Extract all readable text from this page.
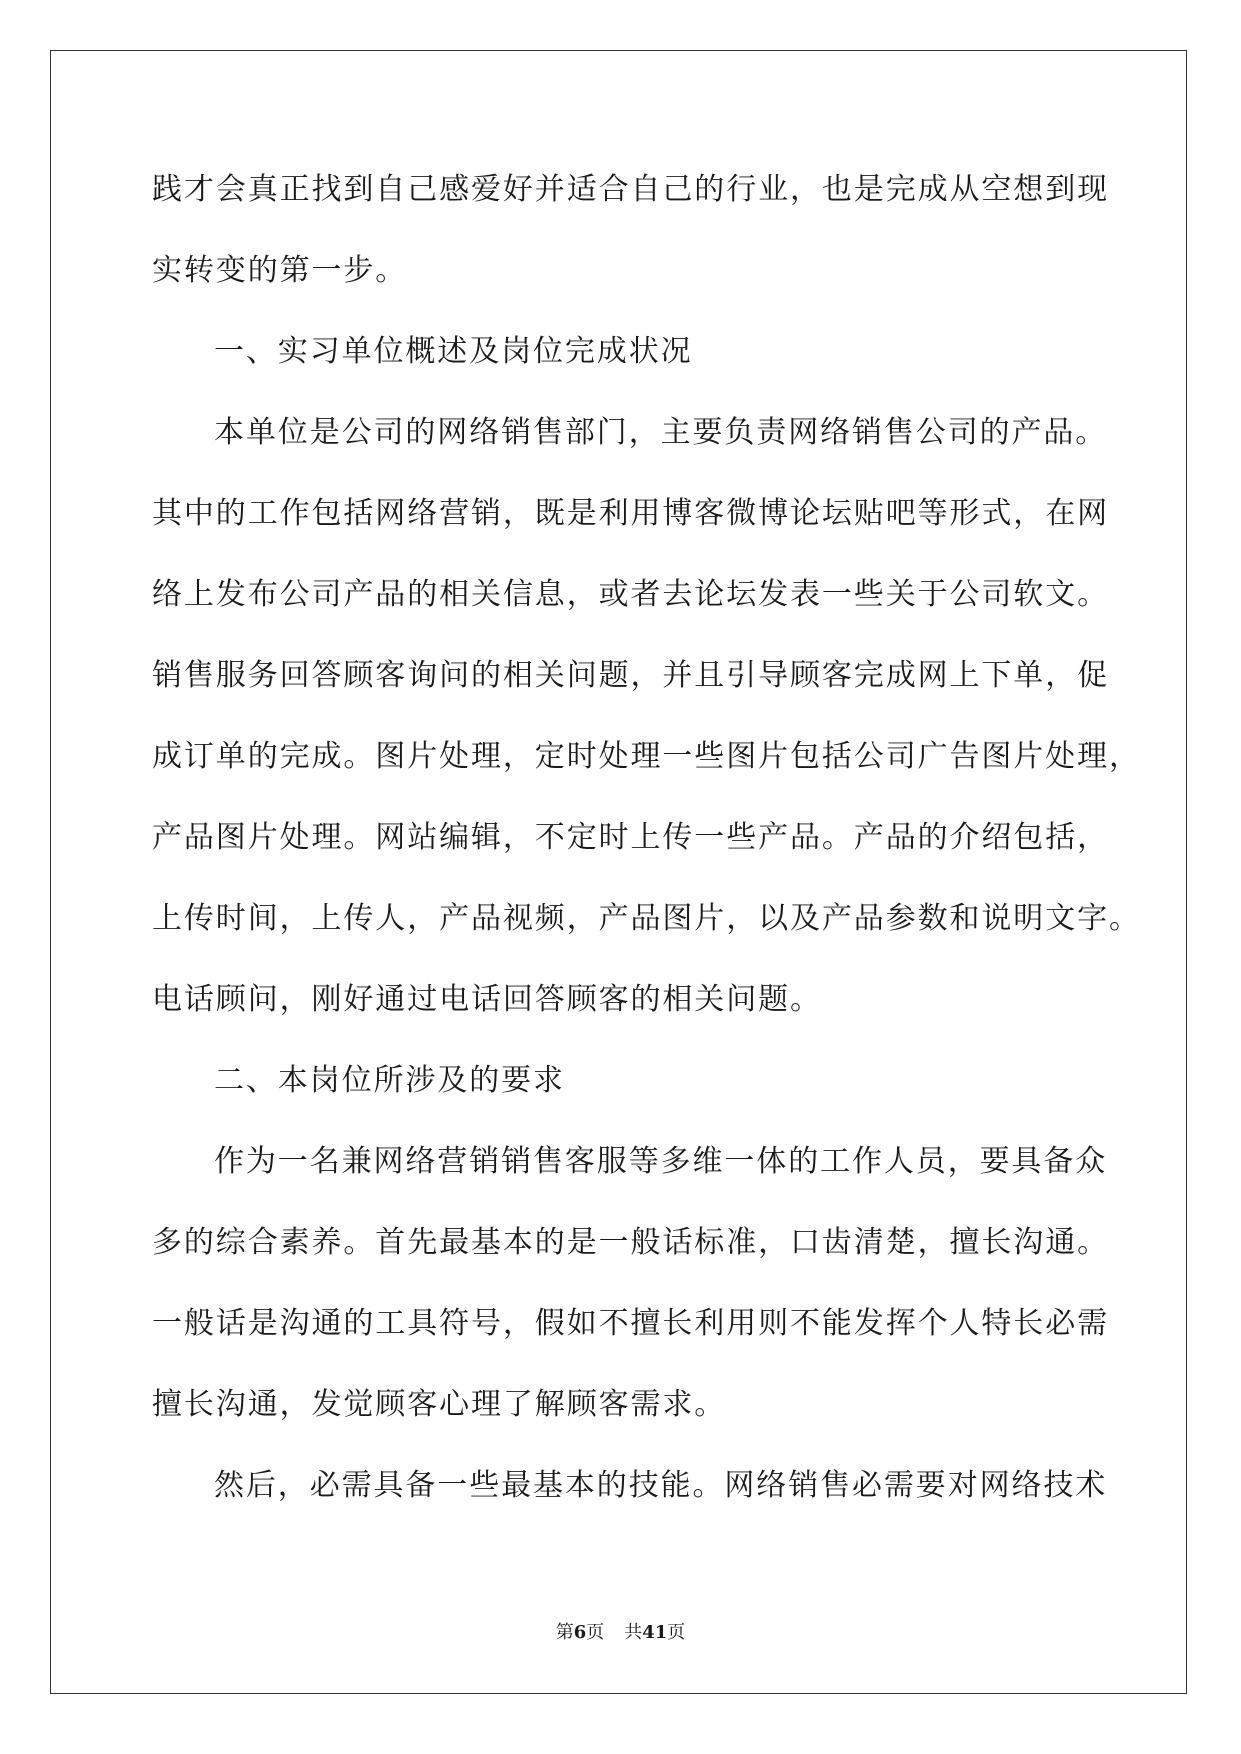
践才会真正找到自己感爱好并适合自己的行业，也是完成从空想到现
实转变的第一步。
一、实习单位概述及岗位完成状况
本单位是公司的网络销售部门，主要负责网络销售公司的产品。
其中的工作包括网络营销，既是利用博客微博论坛贴吧等形式，在网
络上发布公司产品的相关信息，或者去论坛发表一些关于公司软文。
销售服务回答顾客询问的相关问题，并且引导顾客完成网上下单，促
成订单的完成。图片处理，定时处理一些图片包括公司广告图片处理，
产品图片处理。网站编辑，不定时上传一些产品。产品的介绍包括，
上传时间，上传人，产品视频，产品图片，以及产品参数和说明文字。
电话顾问，刚好通过电话回答顾客的相关问题。
二、本岗位所涉及的要求
作为一名兼网络营销销售客服等多维一体的工作人员，要具备众
多的综合素养。首先最基本的是一般话标准，口齿清楚，擅长沟通。
一般话是沟通的工具符号，假如不擅长利用则不能发挥个人特长必需
擅长沟通，发觉顾客心理了解顾客需求。
然后，必需具备一些最基本的技能。网络销售必需要对网络技术
第6页 共41页
